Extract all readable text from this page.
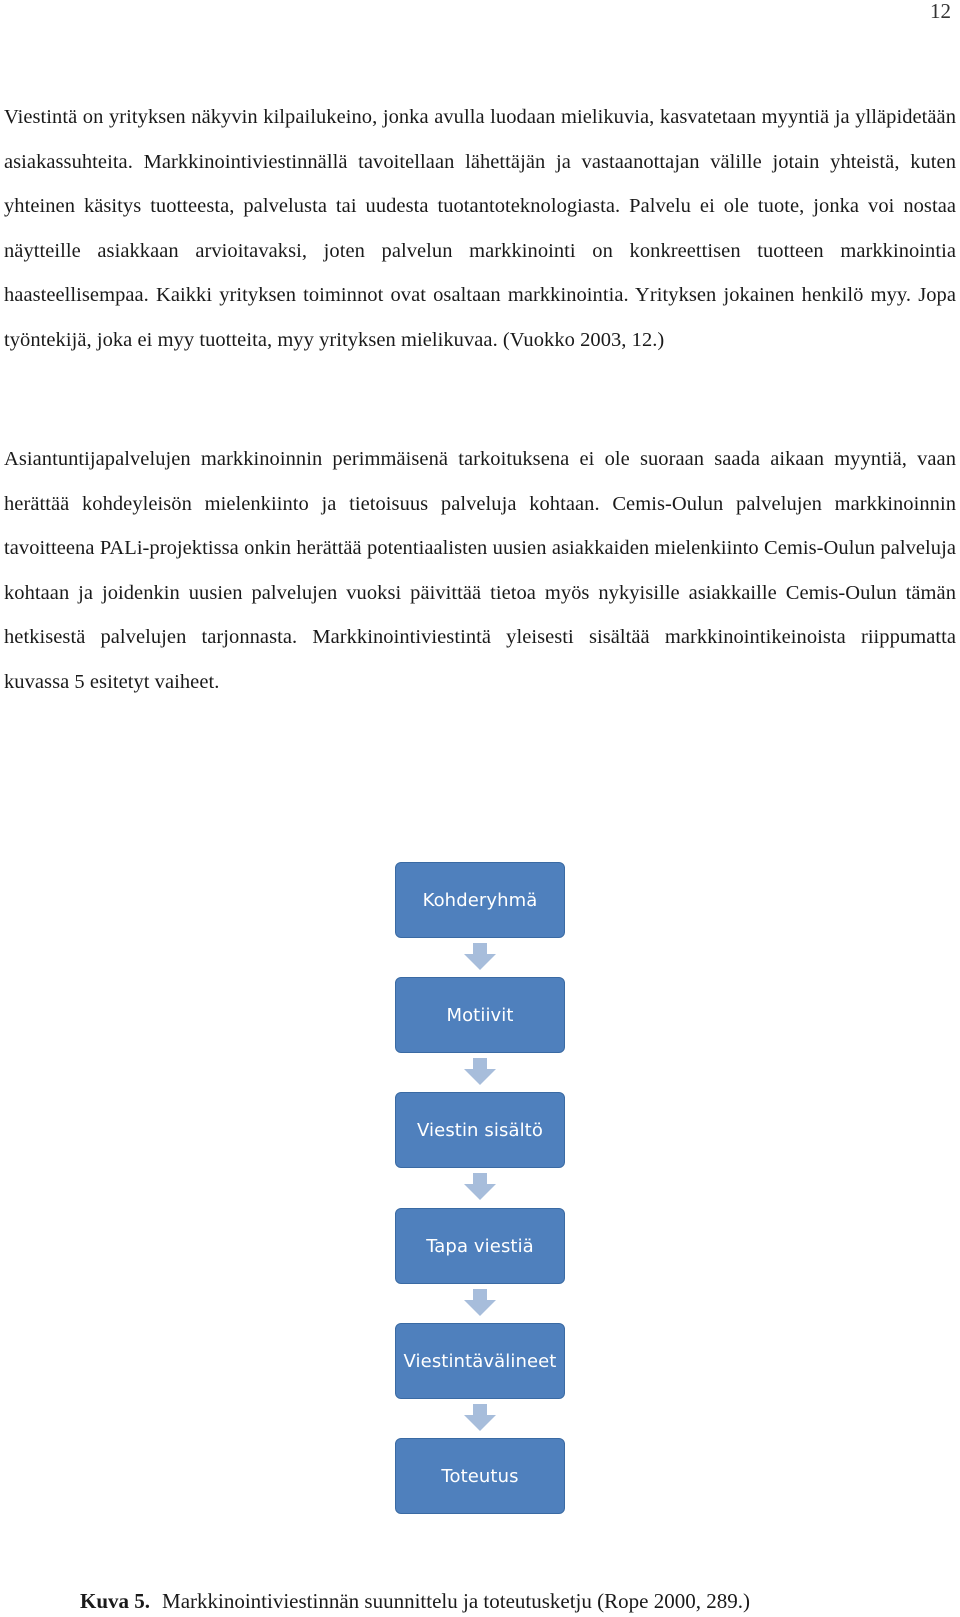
12

Viestintä on yrityksen näkyvin kilpailukeino, jonka avulla luodaan mielikuvia, kasvatetaan myyntiä ja ylläpidetään asiakassuhteita. Markkinointiviestinnällä tavoitellaan lähettäjän ja vastaanottajan välille jotain yhteistä, kuten yhteinen käsitys tuotteesta, palvelusta tai uudesta tuotantoteknologiasta. Palvelu ei ole tuote, jonka voi nostaa näytteille asiakkaan arvioitavaksi, joten palvelun markkinointi on konkreettisen tuotteen markkinointia haasteellisempaa. Kaikki yrityksen toiminnot ovat osaltaan markkinointia. Yrityksen jokainen henkilö myy. Jopa työntekijä, joka ei myy tuotteita, myy yrityksen mielikuvaa. (Vuokko 2003, 12.)

Asiantuntijapalvelujen markkinoinnin perimmäisenä tarkoituksena ei ole suoraan saada aikaan myyntiä, vaan herättää kohdeyleisön mielenkiinto ja tietoisuus palveluja kohtaan. Cemis-Oulun palvelujen markkinoinnin tavoitteena PALi-projektissa onkin herättää potentiaalisten uusien asiakkaiden mielenkiinto Cemis-Oulun palveluja kohtaan ja joidenkin uusien palvelujen vuoksi päivittää tietoa myös nykyisille asiakkaille Cemis-Oulun tämän hetkisestä palvelujen tarjonnasta. Markkinointiviestintä yleisesti sisältää markkinointikeinoista riippumatta kuvassa 5 esitetyt vaiheet.

Kohderyhmä
Motiivit
Viestin sisältö
Tapa viestiä
Viestintävälineet
Toteutus
Kuva 5. Markkinointiviestinnän suunnittelu ja toteutusketju (Rope 2000, 289.)
